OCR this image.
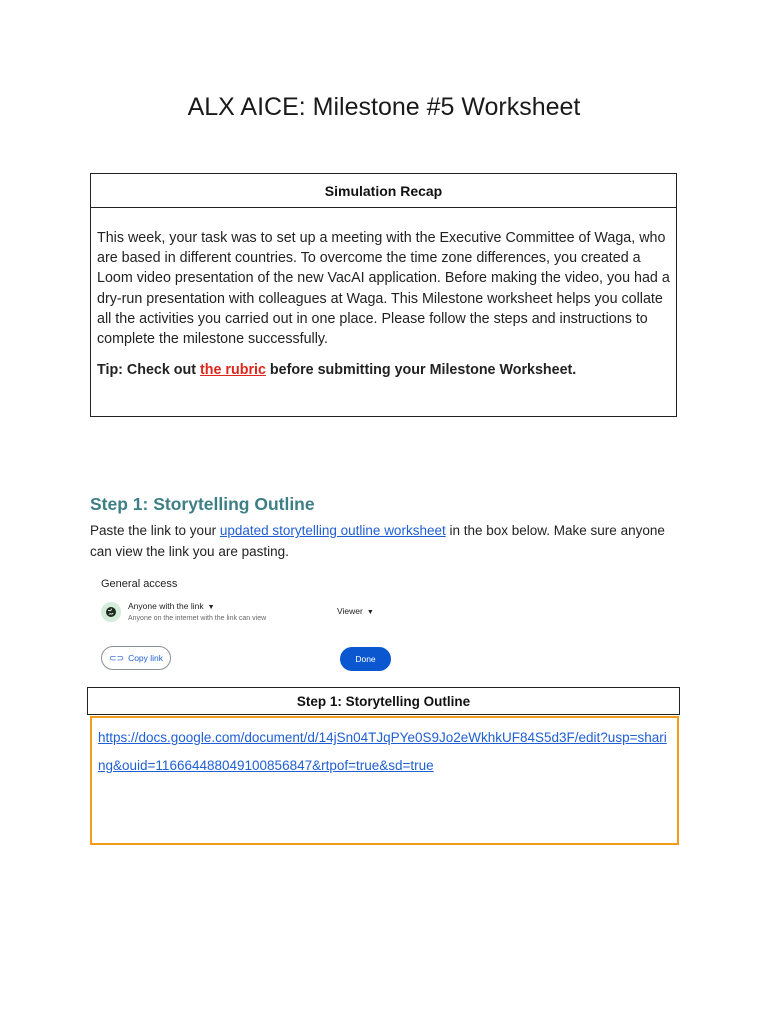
ALX AICE: Milestone #5 Worksheet
Simulation Recap
This week, your task was to set up a meeting with the Executive Committee of Waga, who are based in different countries. To overcome the time zone differences, you created a Loom video presentation of the new VacAI application. Before making the video, you had a dry-run presentation with colleagues at Waga. This Milestone worksheet helps you collate all the activities you carried out in one place. Please follow the steps and instructions to complete the milestone successfully.
Tip: Check out the rubric before submitting your Milestone Worksheet.
Step 1: Storytelling Outline
Paste the link to your updated storytelling outline worksheet in the box below. Make sure anyone can view the link you are pasting.
General access
Anyone with the link ▼
Anyone on the internet with the link can view
Viewer ▼
⊂⊃ Copy link	Done
Step 1: Storytelling Outline
https://docs.google.com/document/d/14jSn04TJqPYe0S9Jo2eWkhkUF84S5d3F/edit?usp=sharing&ouid=116664488049100856847&rtpof=true&sd=true
